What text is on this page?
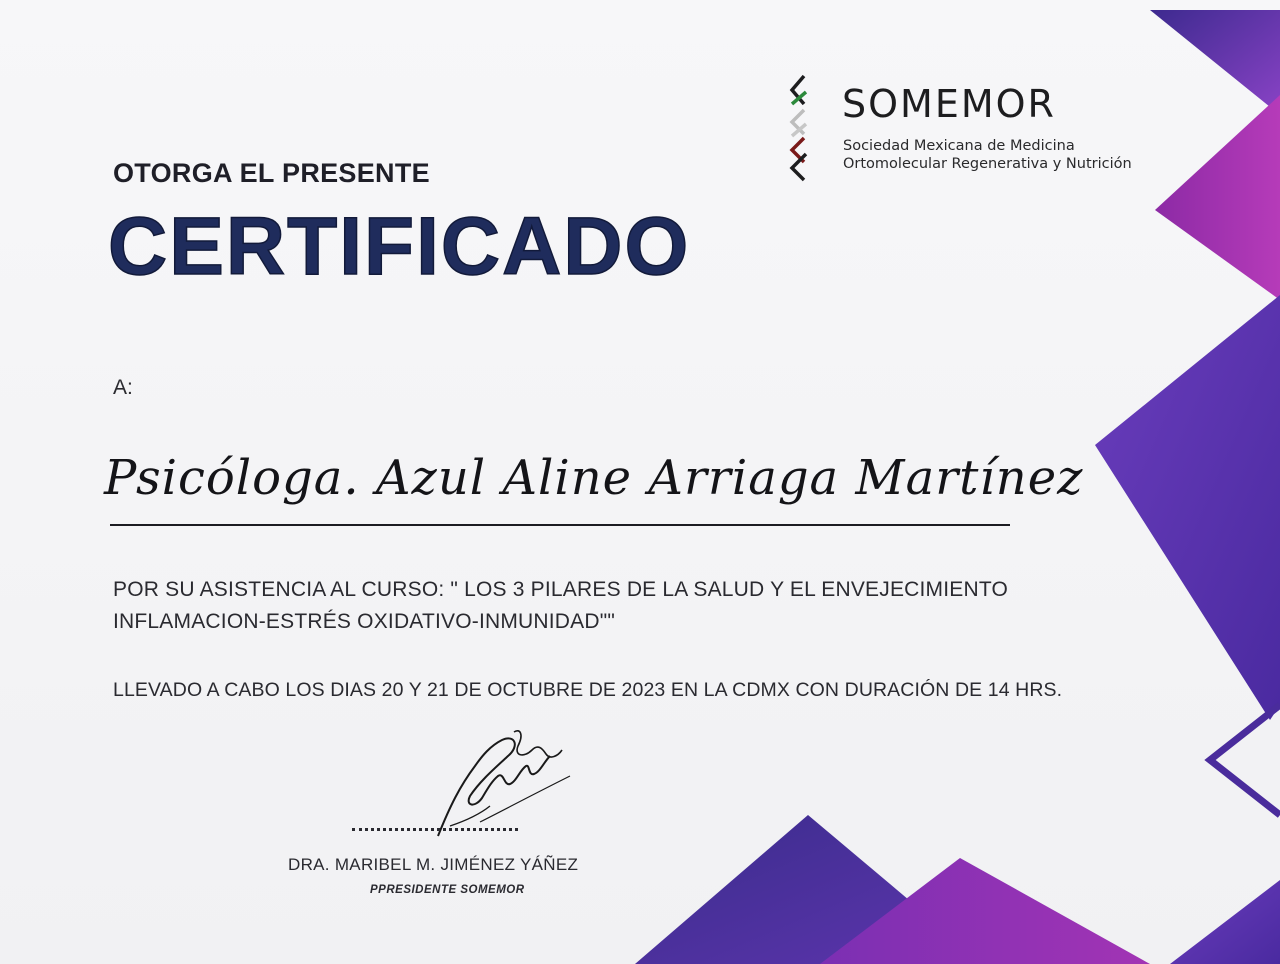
SOMEMOR
Sociedad Mexicana de Medicina
Ortomolecular Regenerativa y Nutrición
OTORGA EL PRESENTE
CERTIFICADO
A:
Psicóloga. Azul Aline Arriaga Martínez
POR SU ASISTENCIA AL CURSO: " LOS 3 PILARES DE LA SALUD Y EL ENVEJECIMIENTO
INFLAMACION-ESTRÉS OXIDATIVO-INMUNIDAD""
LLEVADO A CABO LOS DIAS 20 Y 21 DE OCTUBRE DE 2023 EN LA CDMX CON DURACIÓN DE 14 HRS.
DRA. MARIBEL M. JIMÉNEZ YÁÑEZ
PPRESIDENTE SOMEMOR
